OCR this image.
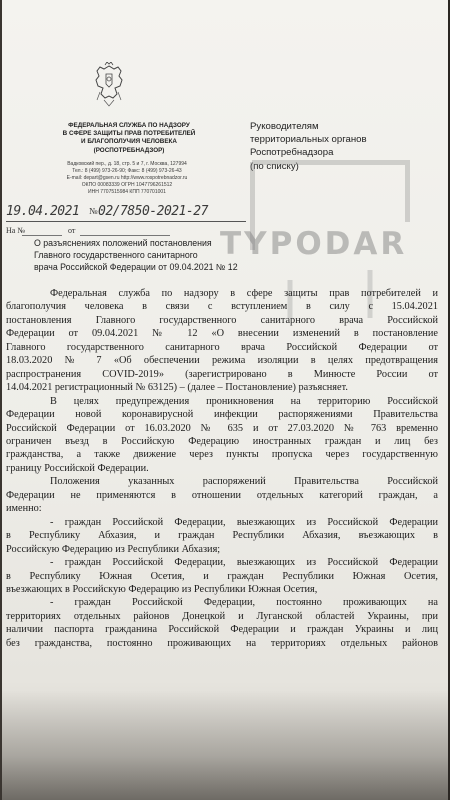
ФЕДЕРАЛЬНАЯ СЛУЖБА ПО НАДЗОРУ
В СФЕРЕ ЗАЩИТЫ ПРАВ ПОТРЕБИТЕЛЕЙ
И БЛАГОПОЛУЧИЯ ЧЕЛОВЕКА
(РОСПОТРЕБНАДЗОР)
Вадковский пер., д. 18, стр. 5 и 7, г. Москва, 127994
Тел.: 8 (499) 973-26-90; Факс: 8 (499) 973-26-43
E-mail: depart@gsen.ru http://www.rospotrebnadzor.ru
ОКПО 00083339 ОГРН 1047796261512
ИНН 7707515984 КПП 770701001
19.04.2021 № 02/7850-2021-27
На №	от
Руководителям
территориальных органов
Роспотребнадзора
(по списку)
О разъяснениях положений постановления
Главного государственного санитарного
врача Российской Федерации от 09.04.2021 № 12
TYPODAR
Федеральная служба по надзору в сфере защиты прав потребителей и
благополучия человека в связи с вступлением в силу с 15.04.2021
постановления Главного государственного санитарного врача Российской
Федерации от 09.04.2021 № 12 «О внесении изменений в постановление
Главного государственного санитарного врача Российской Федерации от
18.03.2020 № 7 «Об обеспечении режима изоляции в целях предотвращения
распространения COVID-2019» (зарегистрировано в Минюсте России от
14.04.2021 регистрационный № 63125) – (далее – Постановление) разъясняет.
В целях предупреждения проникновения на территорию Российской
Федерации новой коронавирусной инфекции распоряжениями Правительства
Российской Федерации от 16.03.2020 № 635 и от 27.03.2020 № 763 временно
ограничен въезд в Российскую Федерацию иностранных граждан и лиц без
гражданства, а также движение через пункты пропуска через государственную
границу Российской Федерации.
Положения указанных распоряжений Правительства Российской
Федерации не применяются в отношении отдельных категорий граждан, а
именно:
- граждан Российской Федерации, выезжающих из Российской Федерации
в Республику Абхазия, и граждан Республики Абхазия, въезжающих в
Российскую Федерацию из Республики Абхазия;
- граждан Российской Федерации, выезжающих из Российской Федерации
в Республику Южная Осетия, и граждан Республики Южная Осетия,
въезжающих в Российскую Федерацию из Республики Южная Осетия,
- граждан Российской Федерации, постоянно проживающих на
территориях отдельных районов Донецкой и Луганской областей Украины, при
наличии паспорта гражданина Российской Федерации и граждан Украины и лиц
без гражданства, постоянно проживающих на территориях отдельных районов
